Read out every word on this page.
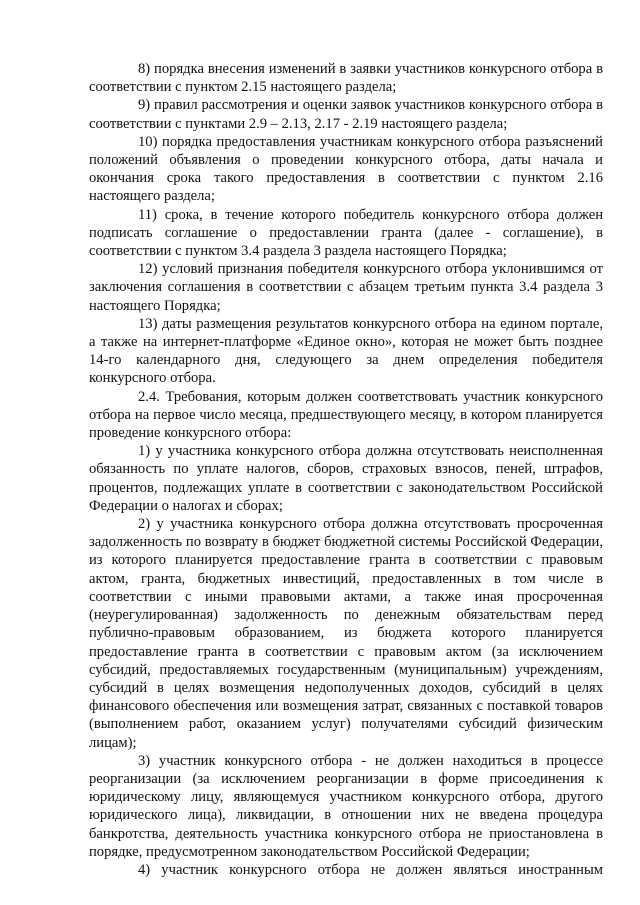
8) порядка внесения изменений в заявки участников конкурсного отбора в соответствии с пунктом 2.15 настоящего раздела;

9) правил рассмотрения и оценки заявок участников конкурсного отбора в соответствии с пунктами 2.9 – 2.13, 2.17 - 2.19 настоящего раздела;

10) порядка предоставления участникам конкурсного отбора разъяснений положений объявления о проведении конкурсного отбора, даты начала и окончания срока такого предоставления в соответствии с пунктом 2.16 настоящего раздела;

11) срока, в течение которого победитель конкурсного отбора должен подписать соглашение о предоставлении гранта (далее - соглашение), в соответствии с пунктом 3.4 раздела 3 раздела настоящего Порядка;

12) условий признания победителя конкурсного отбора уклонившимся от заключения соглашения в соответствии с абзацем третьим пункта 3.4 раздела 3 настоящего Порядка;

13) даты размещения результатов конкурсного отбора на едином портале, а также на интернет-платформе «Единое окно», которая не может быть позднее 14-го календарного дня, следующего за днем определения победителя конкурсного отбора.

2.4. Требования, которым должен соответствовать участник конкурсного отбора на первое число месяца, предшествующего месяцу, в котором планируется проведение конкурсного отбора:

1) у участника конкурсного отбора должна отсутствовать неисполненная обязанность по уплате налогов, сборов, страховых взносов, пеней, штрафов, процентов, подлежащих уплате в соответствии с законодательством Российской Федерации о налогах и сборах;

2) у участника конкурсного отбора должна отсутствовать просроченная задолженность по возврату в бюджет бюджетной системы Российской Федерации, из которого планируется предоставление гранта в соответствии с правовым актом, гранта, бюджетных инвестиций, предоставленных в том числе в соответствии с иными правовыми актами, а также иная просроченная (неурегулированная) задолженность по денежным обязательствам перед публично-правовым образованием, из бюджета которого планируется предоставление гранта в соответствии с правовым актом (за исключением субсидий, предоставляемых государственным (муниципальным) учреждениям, субсидий в целях возмещения недополученных доходов, субсидий в целях финансового обеспечения или возмещения затрат, связанных с поставкой товаров (выполнением работ, оказанием услуг) получателями субсидий физическим лицам);

3) участник конкурсного отбора - не должен находиться в процессе реорганизации (за исключением реорганизации в форме присоединения к юридическому лицу, являющемуся участником конкурсного отбора, другого юридического лица), ликвидации, в отношении них не введена процедура банкротства, деятельность участника конкурсного отбора не приостановлена в порядке, предусмотренном законодательством Российской Федерации;

4) участник конкурсного отбора не должен являться иностранным
